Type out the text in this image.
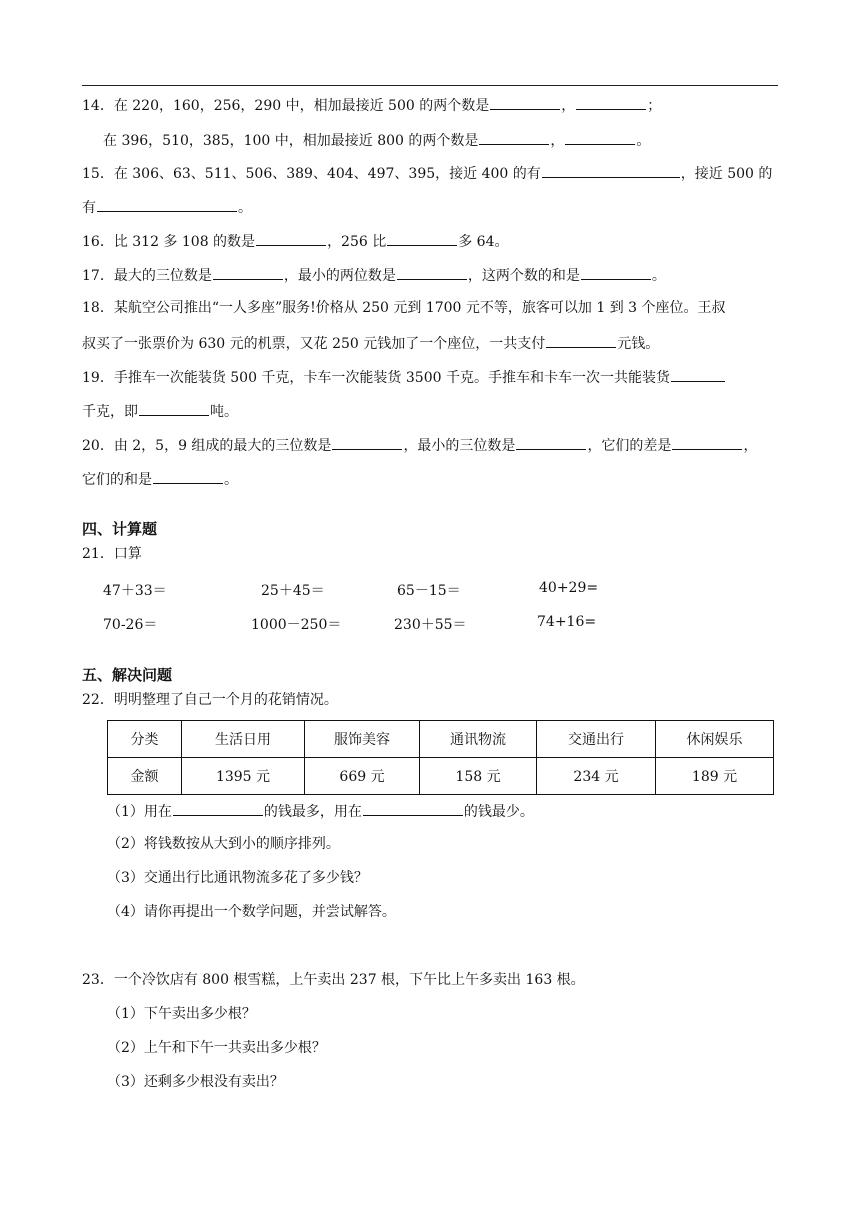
14．在 220，160，256，290 中，相加最接近 500 的两个数是	，	；
在 396，510，385，100 中，相加最接近 800 的两个数是	，	。
15．在 306、63、511、506、389、404、497、395，接近 400 的有	，接近 500 的
有	。
16．比 312 多 108 的数是	，256 比	多 64。
17．最大的三位数是	，最小的两位数是	，这两个数的和是	。
18．某航空公司推出“一人多座”服务!价格从 250 元到 1700 元不等，旅客可以加 1 到 3 个座位。王叔
叔买了一张票价为 630 元的机票，又花 250 元钱加了一个座位，一共支付	元钱。
19．手推车一次能装货 500 千克，卡车一次能装货 3500 千克。手推车和卡车一次一共能装货
千克，即	吨。
20．由 2，5，9 组成的最大的三位数是	，最小的三位数是	，它们的差是	，
它们的和是	。
四、计算题
21．口算
47＋33＝	25＋45＝	65－15＝	40+29=
70-26＝	1000－250＝	230＋55＝	74+16=
五、解决问题
22．明明整理了自己一个月的花销情况。
分类	生活日用	服饰美容	通讯物流	交通出行	休闲娱乐
金额	1395 元	669 元	158 元	234 元	189 元
（1）用在	的钱最多，用在	的钱最少。
（2）将钱数按从大到小的顺序排列。
（3）交通出行比通讯物流多花了多少钱？
（4）请你再提出一个数学问题，并尝试解答。
23．一个冷饮店有 800 根雪糕，上午卖出 237 根，下午比上午多卖出 163 根。
（1）下午卖出多少根？
（2）上午和下午一共卖出多少根？
（3）还剩多少根没有卖出？
